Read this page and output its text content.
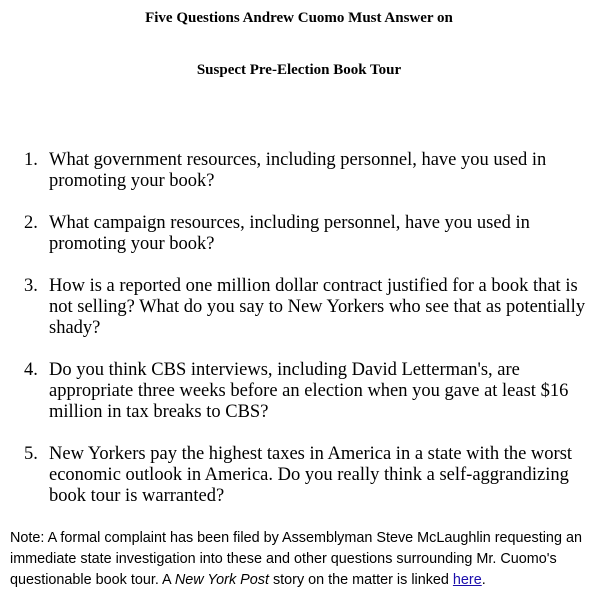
Five Questions Andrew Cuomo Must Answer on

Suspect Pre-Election Book Tour

1. What government resources, including personnel, have you used in promoting your book?
2. What campaign resources, including personnel, have you used in promoting your book?
3. How is a reported one million dollar contract justified for a book that is not selling? What do you say to New Yorkers who see that as potentially shady?
4. Do you think CBS interviews, including David Letterman's, are appropriate three weeks before an election when you gave at least $16 million in tax breaks to CBS?
5. New Yorkers pay the highest taxes in America in a state with the worst economic outlook in America. Do you really think a self-aggrandizing book tour is warranted?

Note: A formal complaint has been filed by Assemblyman Steve McLaughlin requesting an immediate state investigation into these and other questions surrounding Mr. Cuomo's questionable book tour. A New York Post story on the matter is linked here.
